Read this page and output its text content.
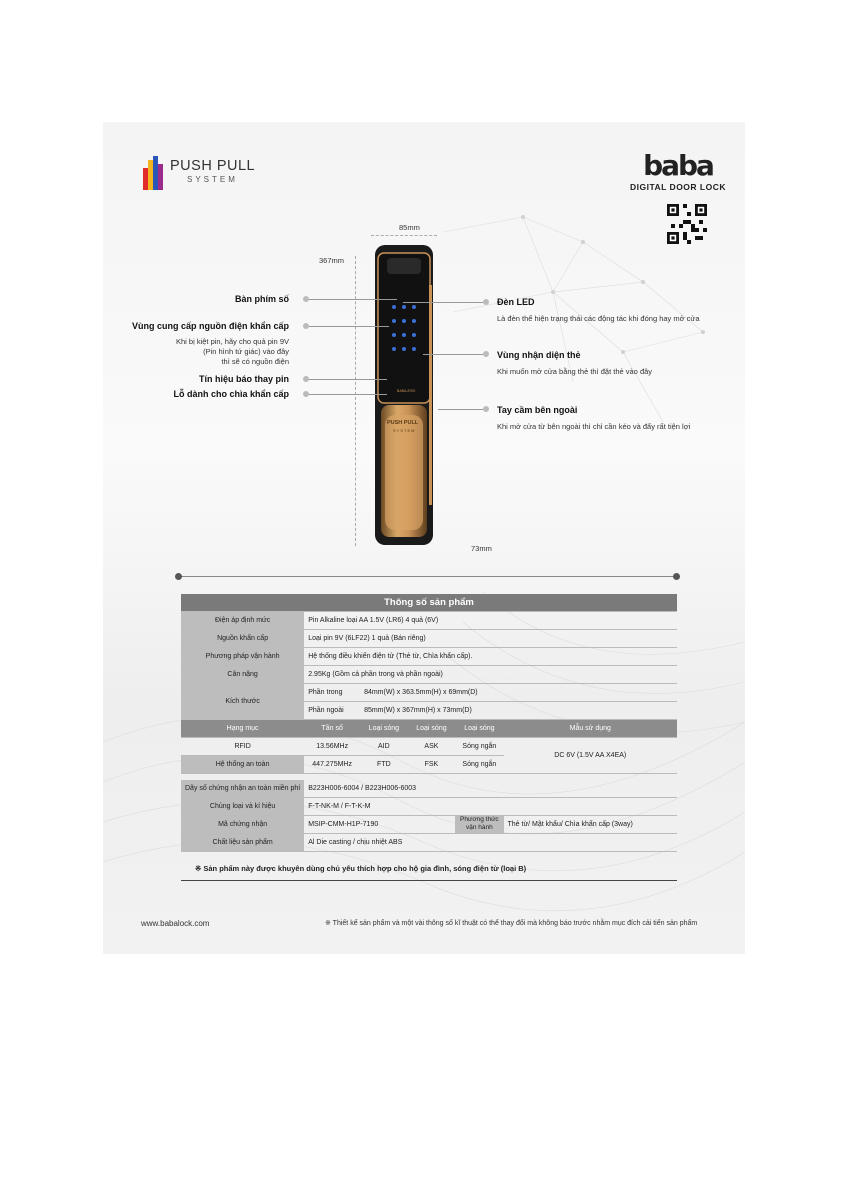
PUSH PULL
SYSTEM	baba
DIGITAL DOOR LOCK
85mm
367mm
73mm
PUSH PULL
SYSTEM
BABA-8700
Bàn phím số
Vùng cung cấp nguồn điện khẩn cấp
Khi bị kiệt pin, hãy cho quả pin 9V
(Pin hình tứ giác) vào đây
thì sẽ có nguồn điện
Tín hiệu báo thay pin
Lỗ dành cho chìa khẩn cấp
Đèn LED
Là đèn thể hiện trạng thái các động tác khi đóng hay mở cửa
Vùng nhận diện thẻ
Khi muốn mở cửa bằng thẻ thì đặt thẻ vào đây
Tay cầm bên ngoài
Khi mở cửa từ bên ngoài thì chỉ cần kéo và đẩy rất tiện lợi
Thông số sản phẩm					
Điện áp định mức	Pin Alkaline loại AA 1.5V (LR6) 4 quả (6V)				
Nguồn khẩn cấp	Loại pin 9V (6LF22) 1 quả (Bán riêng)				
Phương pháp vận hành	Hệ thống điều khiển điện tử (Thẻ từ, Chìa khẩn cấp).				
Cân nặng	2.95Kg (Gồm cả phần trong và phần ngoài)				
Kích thước	Phần trong	84mm(W) x 363.5mm(H) x 69mm(D)			
	Phần ngoài	85mm(W) x 367mm(H) x 73mm(D)			
Hạng mục	Tần số	Loại sóng	Loại sóng	Loại sóng	Mẫu sử dụng
RFID	13.56MHz	AID	ASK	Sóng ngắn	DC 6V (1.5V AA X4EA)
Hệ thống an toàn	447.275MHz	FTD	FSK	Sóng ngắn	

Dãy số chứng nhận an toàn miền phí	B223H006-6004 / B223H006-6003				
Chủng loại và kí hiệu	F-T-NK-M / F-T-K-M				
Mã chứng nhận	MSIP-CMM-H1P-7190			Phương thức vận hành	Thẻ từ/ Mật khẩu/ Chìa khẩn cấp (3way)
Chất liệu sản phẩm	Al Die casting / chịu nhiệt ABS				
※ Sản phẩm này được khuyên dùng chủ yếu thích hợp cho hộ gia đình, sóng điện từ (loại B)
www.babalock.com	※ Thiết kế sản phẩm và một vài thông số kĩ thuật có thể thay đổi mà không báo trước nhằm mục đích cải tiến sản phẩm
